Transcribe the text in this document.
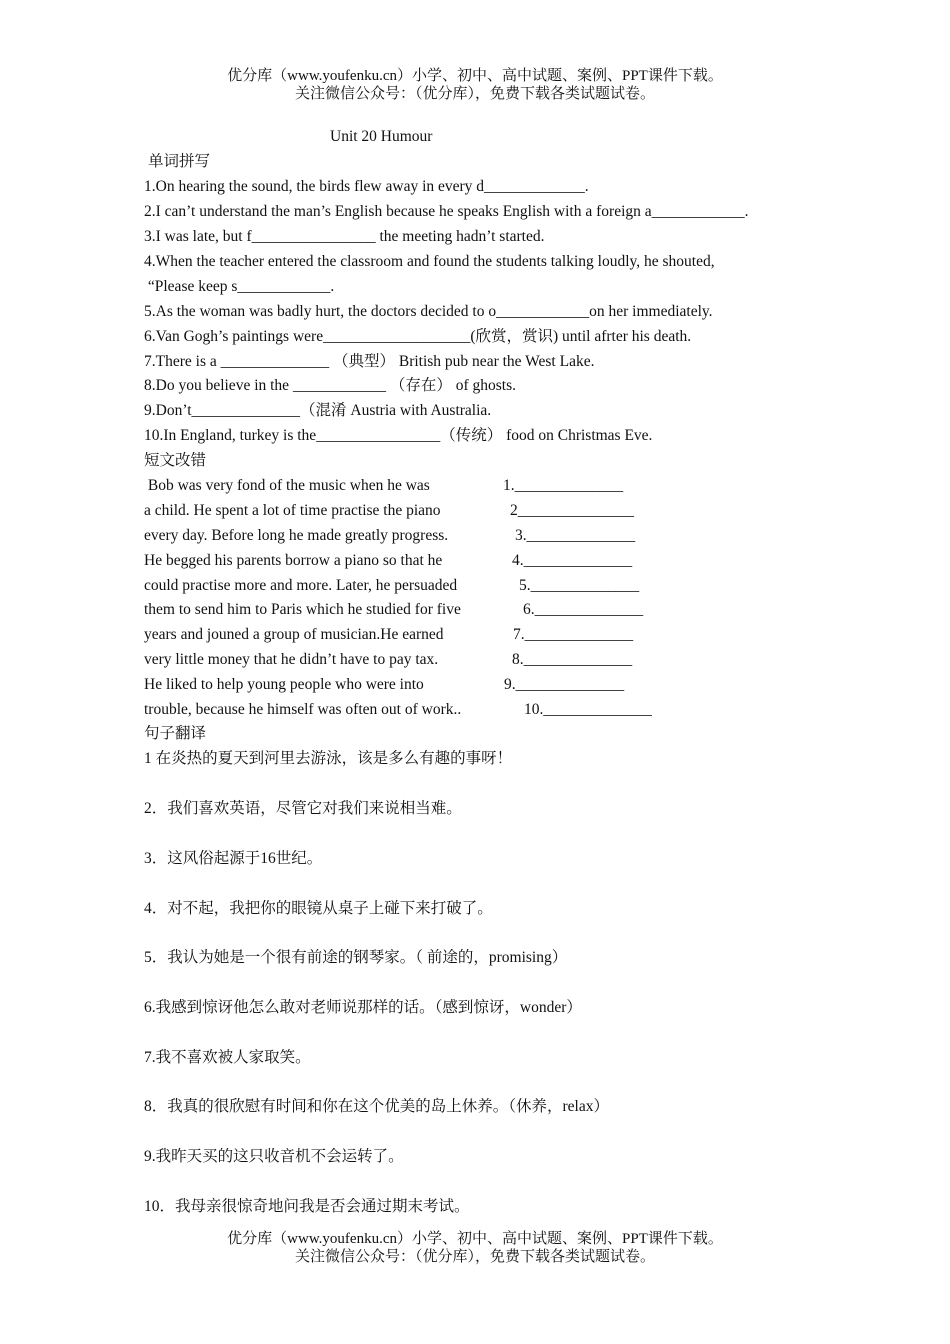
优分库（www.youfenku.cn）小学、初中、高中试题、案例、PPT课件下载。
关注微信公众号：（优分库），免费下载各类试题试卷。
Unit 20 Humour
单词拼写
1.On hearing the sound, the birds flew away in every d_____________.
2.I can’t understand the man’s English because he speaks English with a foreign a____________.
3.I was late, but f________________ the meeting hadn’t started.
4.When the teacher entered the classroom and found the students talking loudly, he shouted,
“Please keep s____________.
5.As the woman was badly hurt, the doctors decided to o____________on her immediately.
6.Van Gogh’s paintings were___________________(欣赏，赏识) until afrter his death.
7.There is a ______________ （典型） British pub near the West Lake.
8.Do you believe in the ____________ （存在） of ghosts.
9.Don’t______________（混淆 Austria with Australia.
10.In England, turkey is the________________（传统） food on Christmas Eve.
短文改错
Bob was very fond of the music when he was
a child. He spent a lot of time practise the piano
every day. Before long he made greatly progress.
He begged his parents borrow a piano so that he
could practise more and more. Later, he persuaded
them to send him to Paris which he studied for five
years and jouned a group of musician.He earned
very little money that he didn’t have to pay tax.
He liked to help young people who were into
trouble, because he himself was often out of work..
1.______________
2_______________
3.______________
4.______________
5.______________
6.______________
7.______________
8.______________
9.______________
10.______________
句子翻译
1 在炎热的夏天到河里去游泳，该是多么有趣的事呀！
2．我们喜欢英语，尽管它对我们来说相当难。
3．这风俗起源于16世纪。
4．对不起，我把你的眼镜从桌子上碰下来打破了。
5．我认为她是一个很有前途的钢琴家。（ 前途的，promising）
6.我感到惊讶他怎么敢对老师说那样的话。（感到惊讶，wonder）
7.我不喜欢被人家取笑。
8．我真的很欣慰有时间和你在这个优美的岛上休养。（休养，relax）
9.我昨天买的这只收音机不会运转了。
10．我母亲很惊奇地问我是否会通过期末考试。
优分库（www.youfenku.cn）小学、初中、高中试题、案例、PPT课件下载。
关注微信公众号：（优分库），免费下载各类试题试卷。
